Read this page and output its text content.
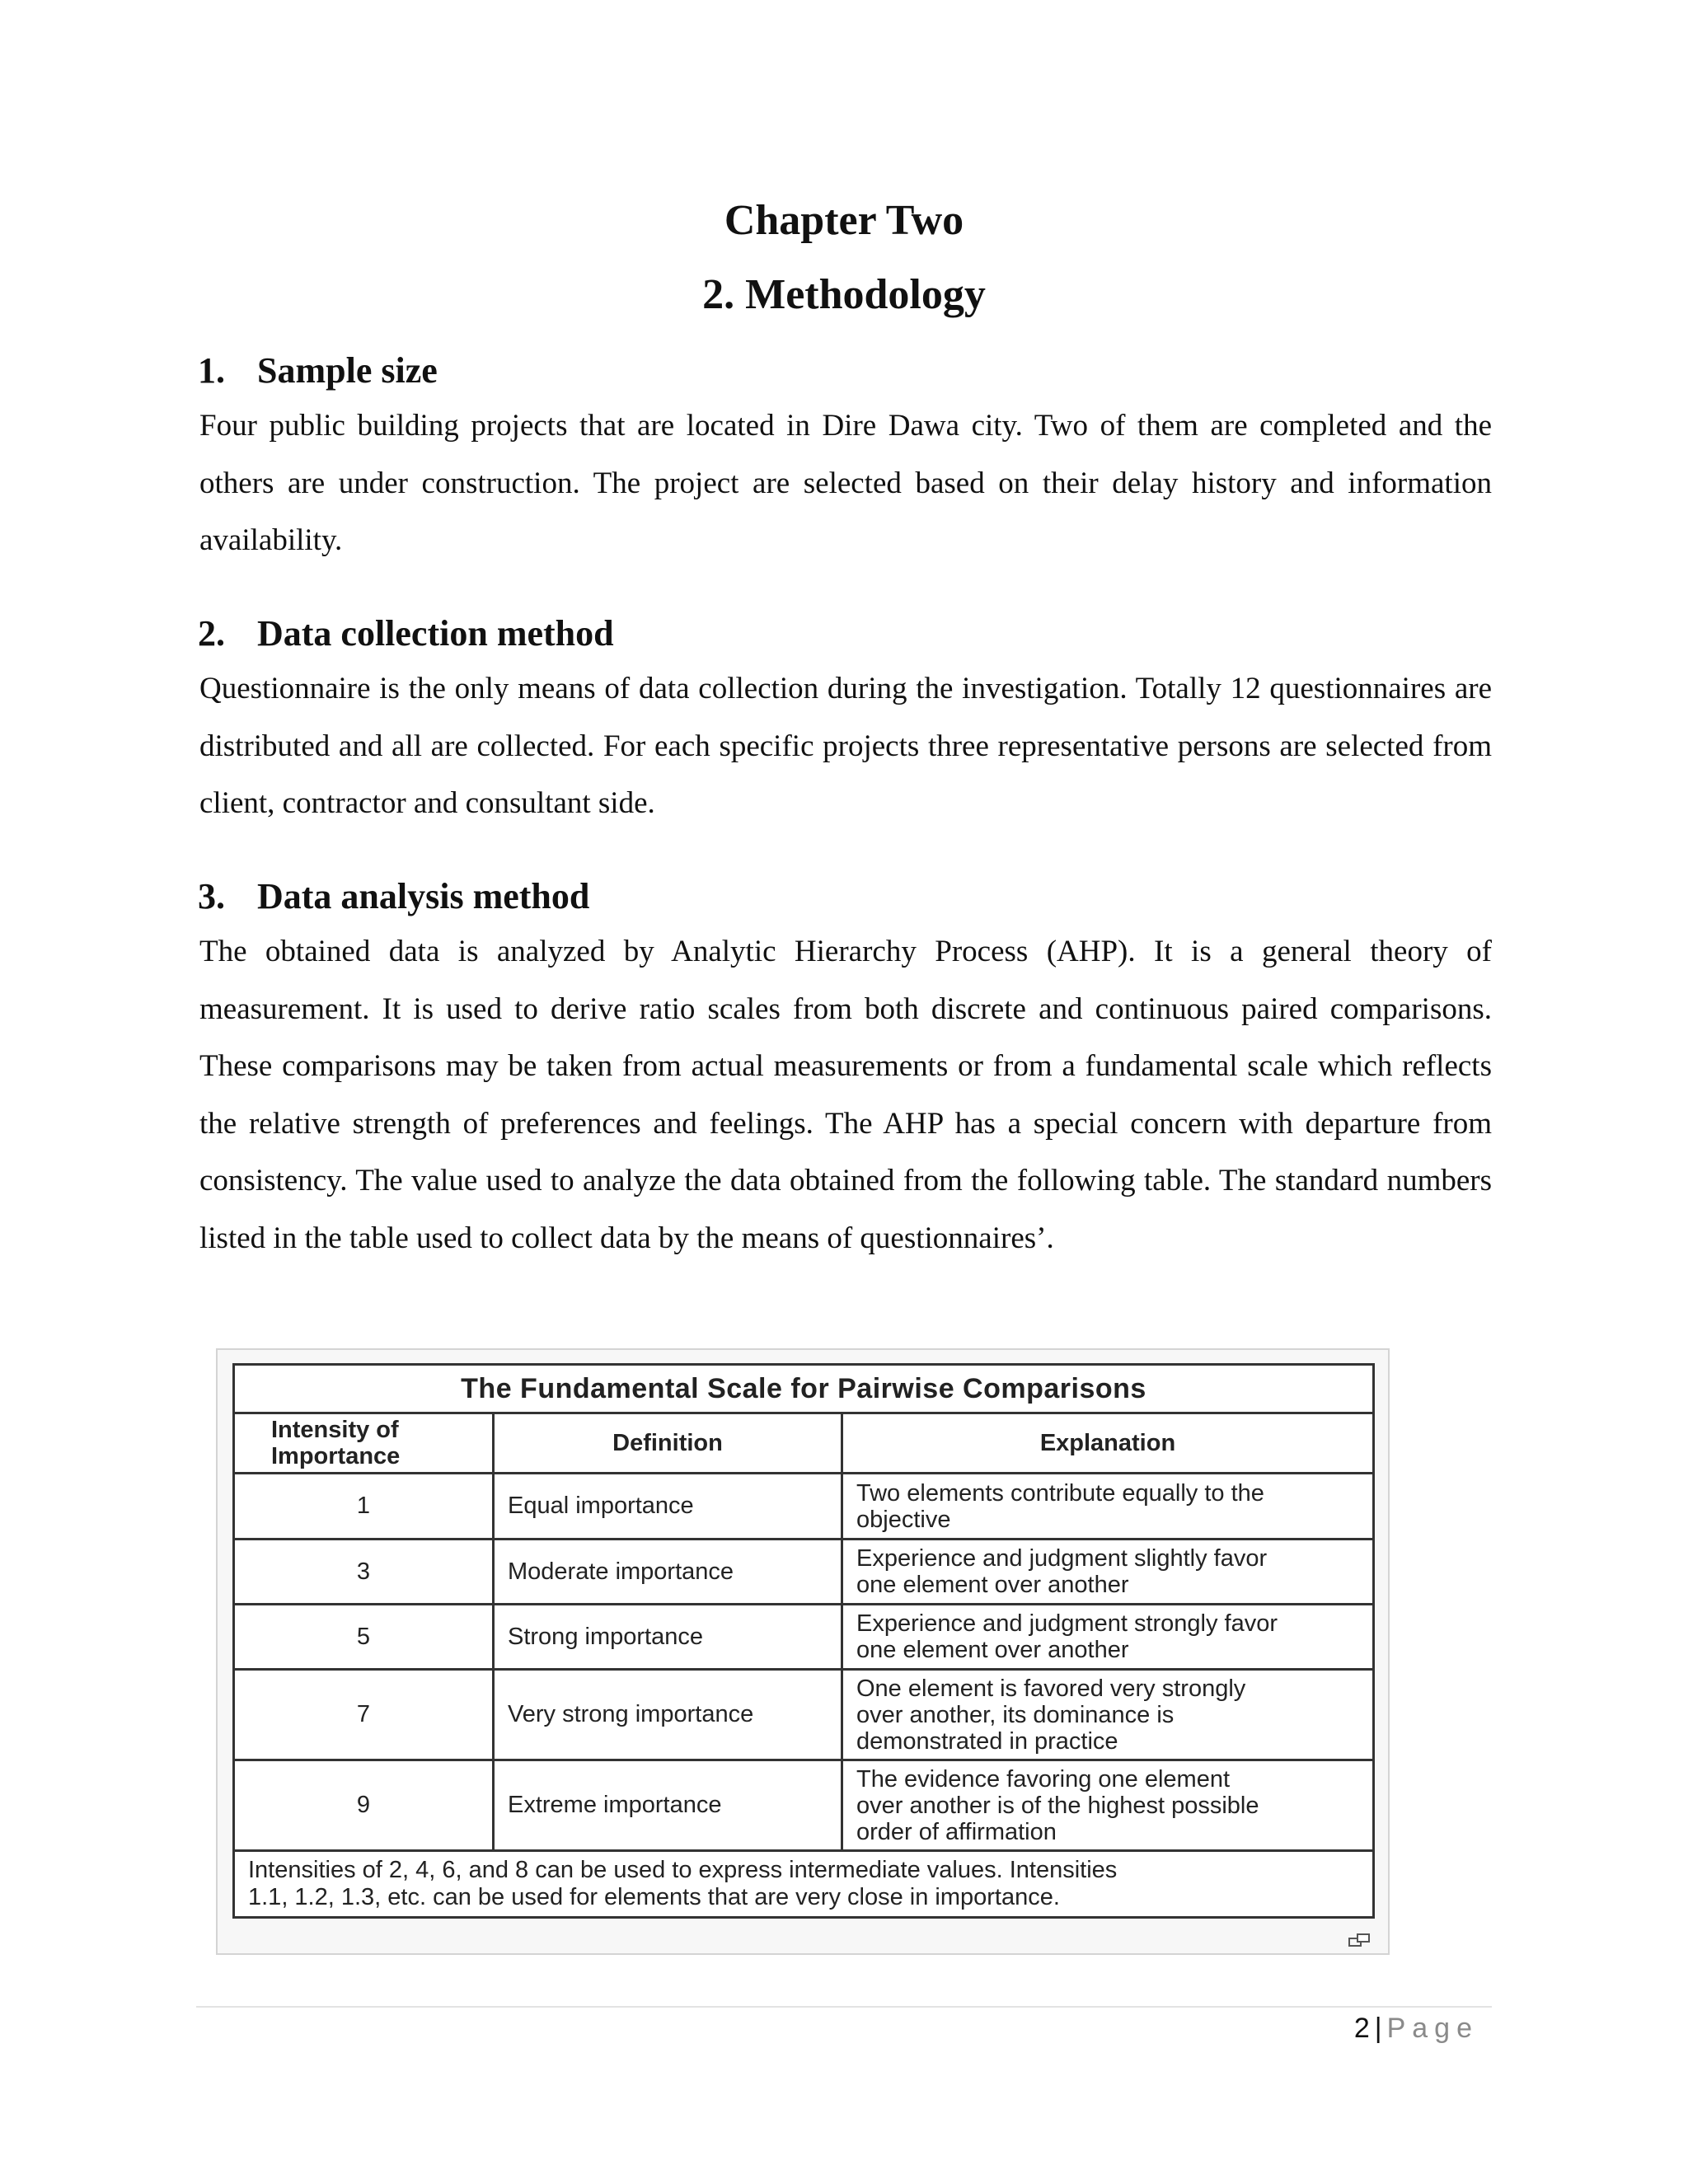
Chapter Two
2. Methodology
1. Sample size

Four public building projects that are located in Dire Dawa city. Two of them are completed and the others are under construction. The project are selected based on their delay history and information availability.

2. Data collection method

Questionnaire is the only means of data collection during the investigation. Totally 12 questionnaires are distributed and all are collected. For each specific projects three representative persons are selected from client, contractor and consultant side.

3. Data analysis method

The obtained data is analyzed by Analytic Hierarchy Process (AHP). It is a general theory of measurement. It is used to derive ratio scales from both discrete and continuous paired comparisons. These comparisons may be taken from actual measurements or from a fundamental scale which reflects the relative strength of preferences and feelings. The AHP has a special concern with departure from consistency. The value used to analyze the data obtained from the following table. The standard numbers listed in the table used to collect data by the means of questionnaires’.

The Fundamental Scale for Pairwise Comparisons		
Intensity of
Importance	Definition	Explanation
1	Equal importance	Two elements contribute equally to the
objective
3	Moderate importance	Experience and judgment slightly favor
one element over another
5	Strong importance	Experience and judgment strongly favor
one element over another
7	Very strong importance	One element is favored very strongly
over another, its dominance is
demonstrated in practice
9	Extreme importance	The evidence favoring one element
over another is of the highest possible
order of affirmation
Intensities of 2, 4, 6, and 8 can be used to express intermediate values. Intensities
1.1, 1.2, 1.3, etc. can be used for elements that are very close in importance.		

2 | Page
